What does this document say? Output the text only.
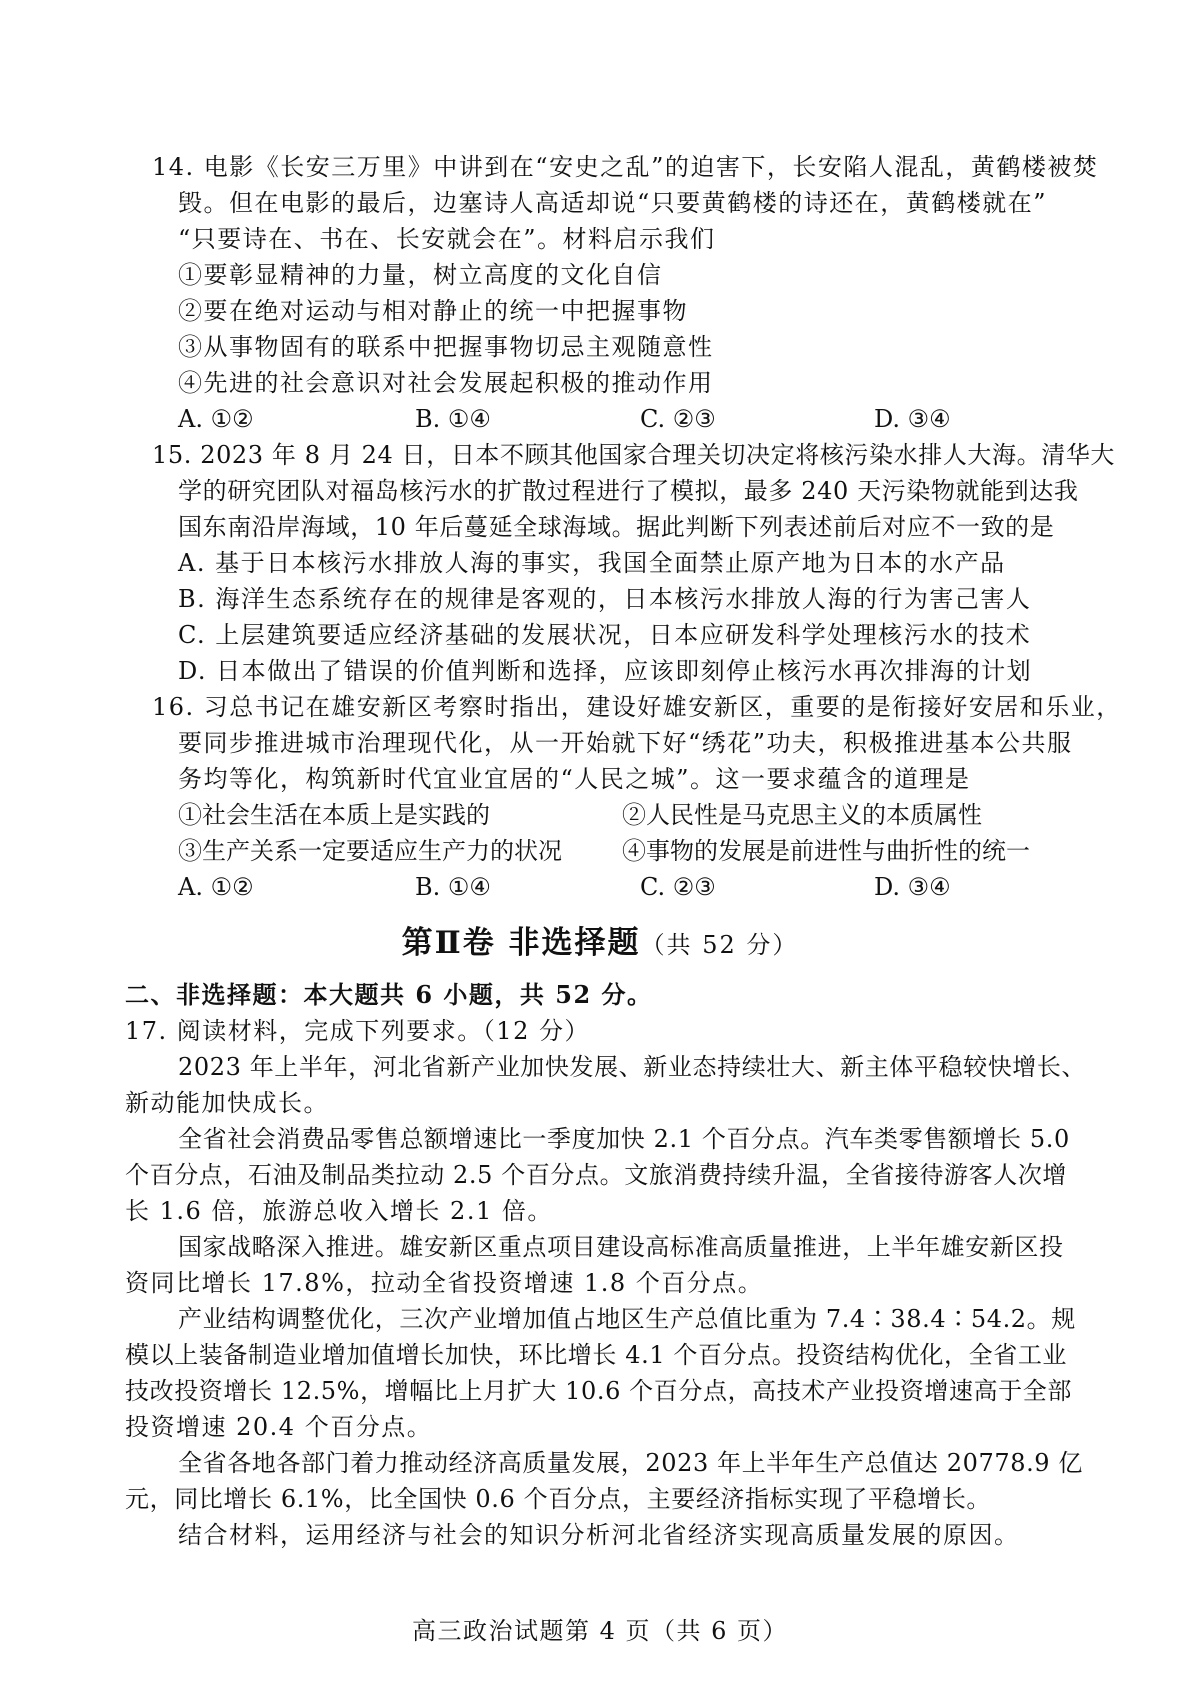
14. 电影《长安三万里》中讲到在“安史之乱”的迫害下，长安陷人混乱，黄鹤楼被焚
毁。但在电影的最后，边塞诗人高适却说“只要黄鹤楼的诗还在，黄鹤楼就在”
“只要诗在、书在、长安就会在”。材料启示我们
①要彰显精神的力量，树立高度的文化自信
②要在绝对运动与相对静止的统一中把握事物
③从事物固有的联系中把握事物切忌主观随意性
④先进的社会意识对社会发展起积极的推动作用
A. ①②	B. ①④	C. ②③	D. ③④
15. 2023 年 8 月 24 日，日本不顾其他国家合理关切决定将核污染水排人大海。清华大
学的研究团队对福岛核污水的扩散过程进行了模拟，最多 240 天污染物就能到达我
国东南沿岸海域，10 年后蔓延全球海域。据此判断下列表述前后对应不一致的是
A. 基于日本核污水排放人海的事实，我国全面禁止原产地为日本的水产品
B. 海洋生态系统存在的规律是客观的，日本核污水排放人海的行为害己害人
C. 上层建筑要适应经济基础的发展状况，日本应研发科学处理核污水的技术
D. 日本做出了错误的价值判断和选择，应该即刻停止核污水再次排海的计划
16. 习总书记在雄安新区考察时指出，建设好雄安新区，重要的是衔接好安居和乐业，
要同步推进城市治理现代化，从一开始就下好“绣花”功夫，积极推进基本公共服
务均等化，构筑新时代宜业宜居的“人民之城”。这一要求蕴含的道理是
①社会生活在本质上是实践的	②人民性是马克思主义的本质属性
③生产关系一定要适应生产力的状况	④事物的发展是前进性与曲折性的统一
A. ①②	B. ①④	C. ②③	D. ③④
第Ⅱ卷 非选择题（共 52 分）
二、非选择题：本大题共 6 小题，共 52 分。
17. 阅读材料，完成下列要求。（12 分）
2023 年上半年，河北省新产业加快发展、新业态持续壮大、新主体平稳较快增长、
新动能加快成长。
全省社会消费品零售总额增速比一季度加快 2.1 个百分点。汽车类零售额增长 5.0
个百分点，石油及制品类拉动 2.5 个百分点。文旅消费持续升温，全省接待游客人次增
长 1.6 倍，旅游总收入增长 2.1 倍。
国家战略深入推进。雄安新区重点项目建设高标准高质量推进，上半年雄安新区投
资同比增长 17.8%，拉动全省投资增速 1.8 个百分点。
产业结构调整优化，三次产业增加值占地区生产总值比重为 7.4∶38.4∶54.2。规
模以上装备制造业增加值增长加快，环比增长 4.1 个百分点。投资结构优化，全省工业
技改投资增长 12.5%，增幅比上月扩大 10.6 个百分点，高技术产业投资增速高于全部
投资增速 20.4 个百分点。
全省各地各部门着力推动经济高质量发展，2023 年上半年生产总值达 20778.9 亿
元，同比增长 6.1%，比全国快 0.6 个百分点，主要经济指标实现了平稳增长。
结合材料，运用经济与社会的知识分析河北省经济实现高质量发展的原因。
高三政治试题第 4 页（共 6 页）
